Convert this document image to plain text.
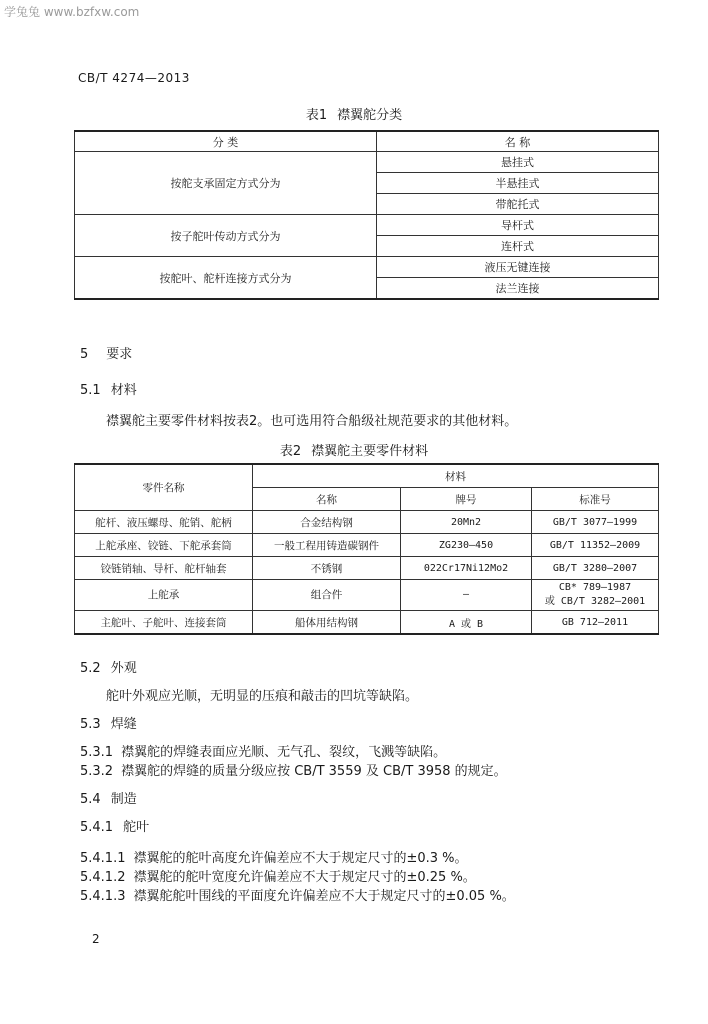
学兔兔 www.bzfxw.com
CB/T 4274—2013
表1 襟翼舵分类
分 类	名 称
按舵支承固定方式分为	悬挂式
	半悬挂式
	带舵托式
按子舵叶传动方式分为	导杆式
	连杆式
按舵叶、舵杆连接方式分为	液压无键连接
	法兰连接
5 要求
5.1 材料
襟翼舵主要零件材料按表2。也可选用符合船级社规范要求的其他材料。
表2 襟翼舵主要零件材料
零件名称	材料		
	名称	牌号	标准号
舵杆、液压螺母、舵销、舵柄	合金结构钢	20Mn2	GB/T 3077—1999
上舵承座、铰链、下舵承套筒	一般工程用铸造碳钢件	ZG230—450	GB/T 11352—2009
铰链销轴、导杆、舵杆轴套	不锈钢	022Cr17Ni12Mo2	GB/T 3280—2007
上舵承	组合件	—	CB* 789—1987
或 CB/T 3282—2001

主舵叶、子舵叶、连接套筒	船体用结构钢	A 或 B	GB 712—2011
5.2 外观
舵叶外观应光顺，无明显的压痕和敲击的凹坑等缺陷。
5.3 焊缝
5.3.1 襟翼舵的焊缝表面应光顺、无气孔、裂纹，飞溅等缺陷。
5.3.2 襟翼舵的焊缝的质量分级应按 CB/T 3559 及 CB/T 3958 的规定。
5.4 制造
5.4.1 舵叶
5.4.1.1 襟翼舵的舵叶高度允许偏差应不大于规定尺寸的±0.3 %。
5.4.1.2 襟翼舵的舵叶宽度允许偏差应不大于规定尺寸的±0.25 %。
5.4.1.3 襟翼舵舵叶围线的平面度允许偏差应不大于规定尺寸的±0.05 %。
2
